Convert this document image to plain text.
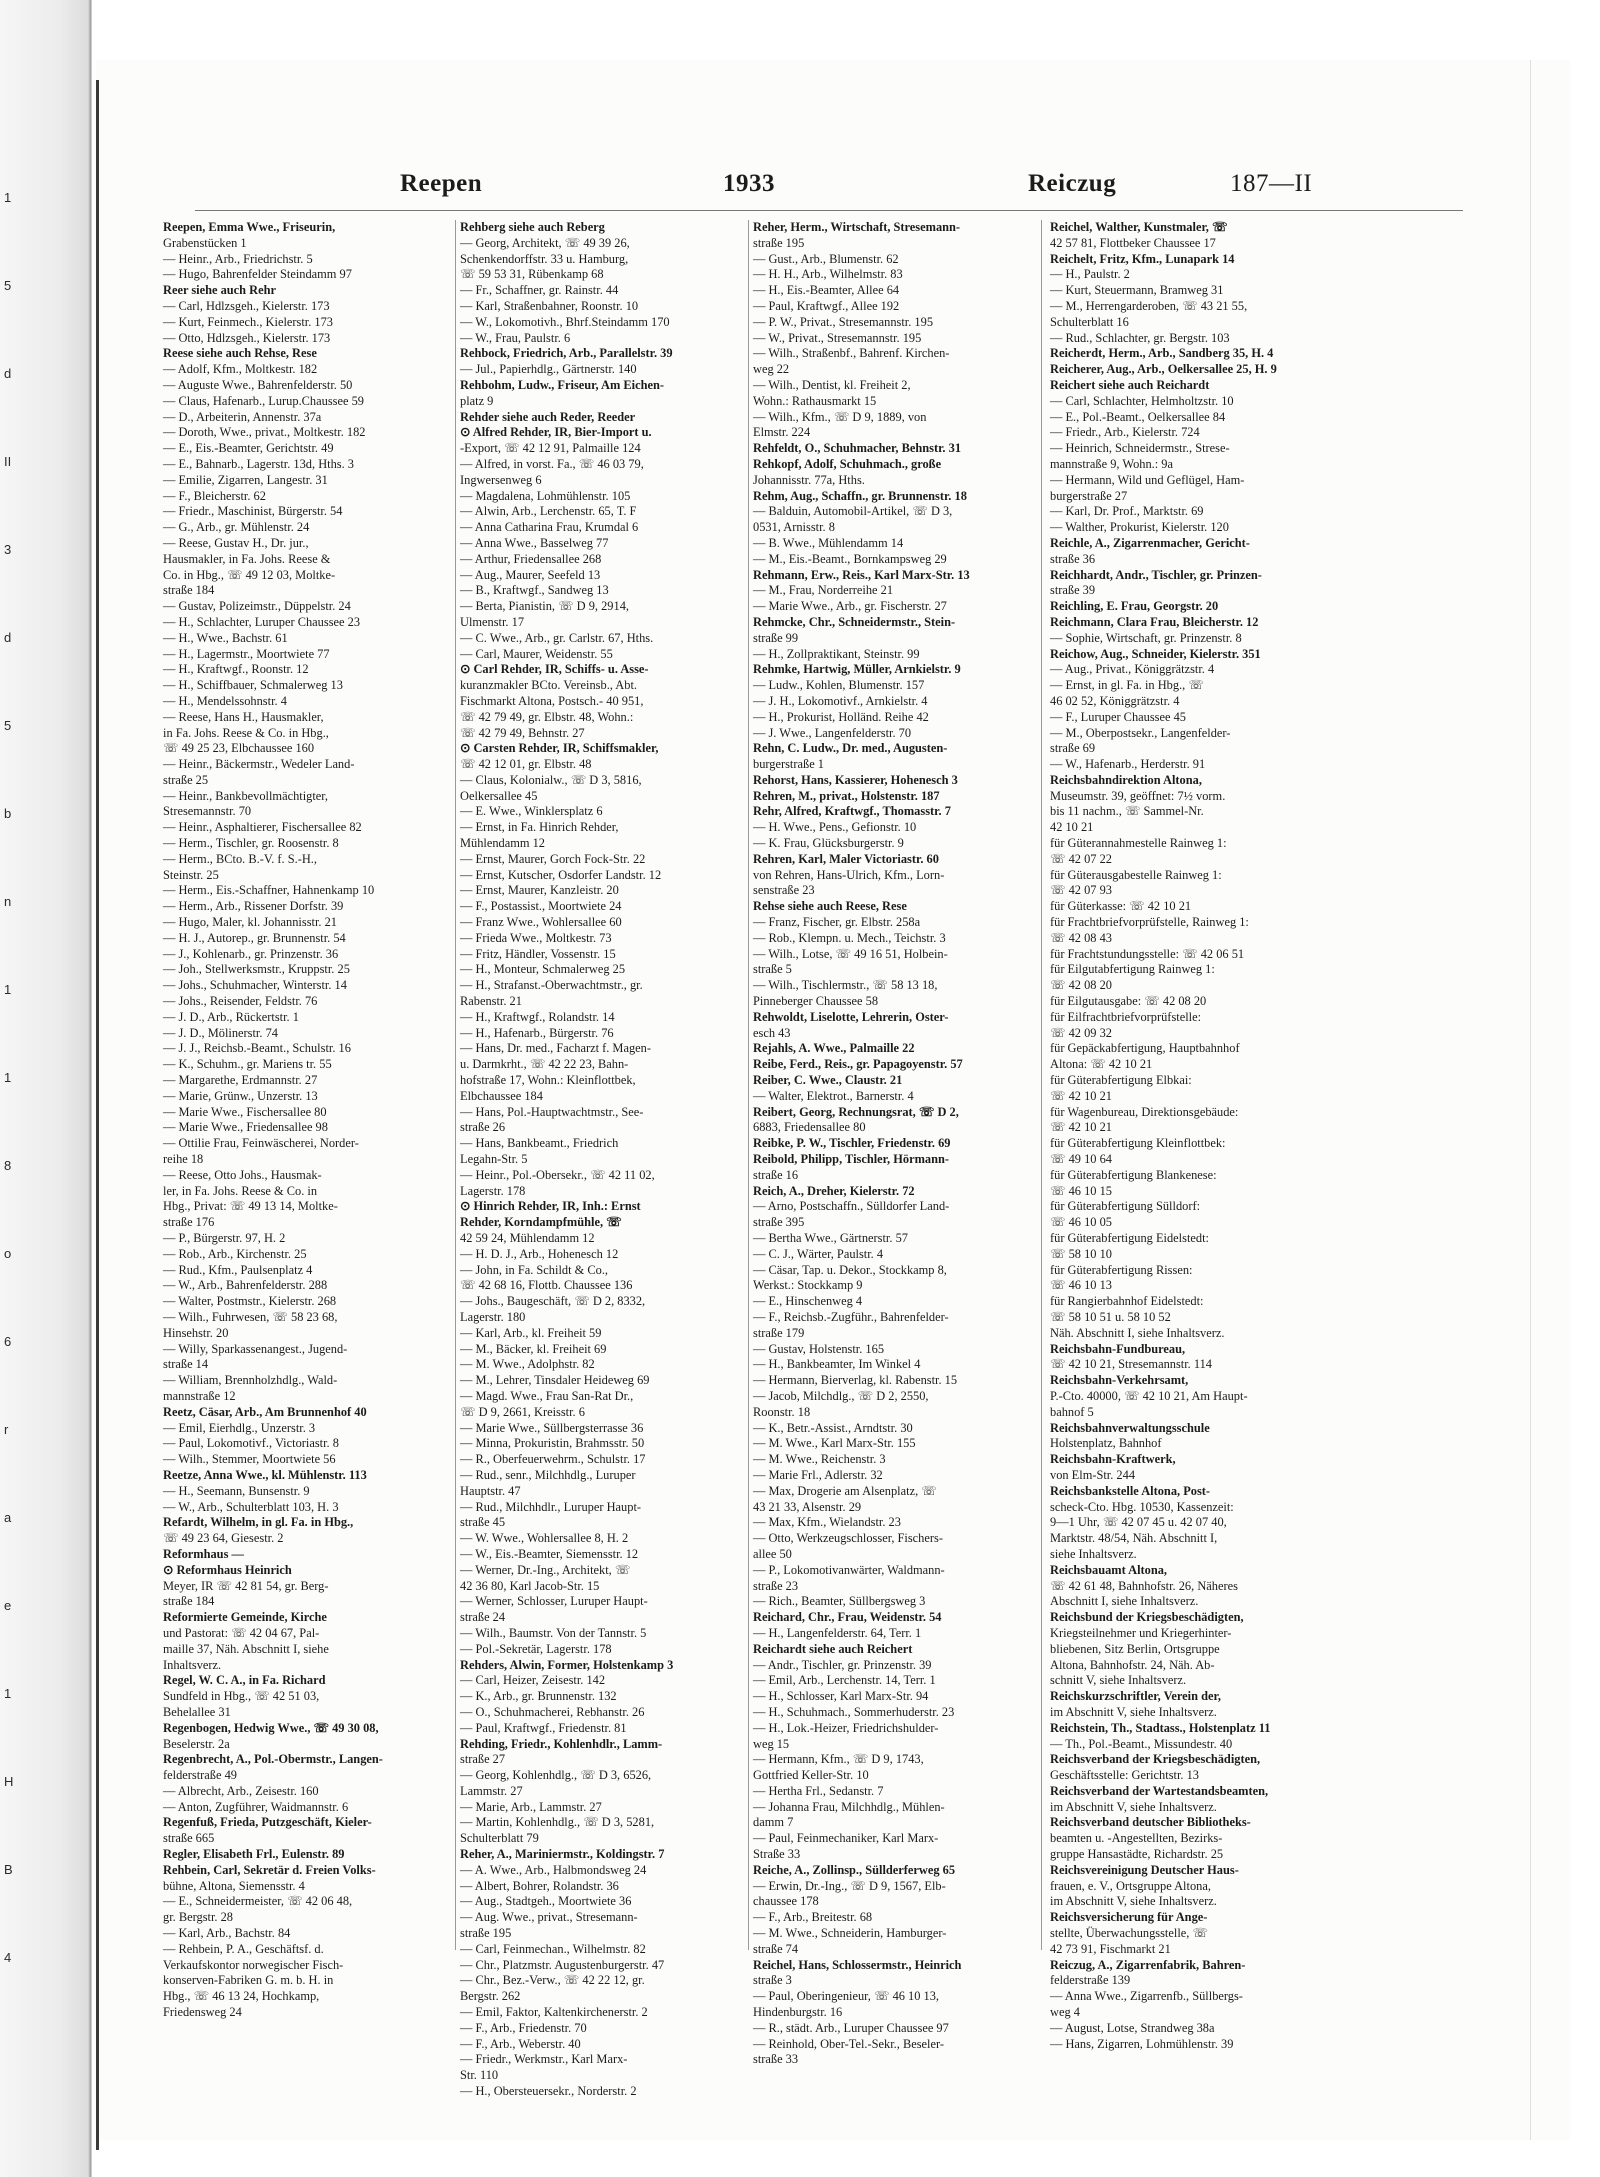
1
5
d
II
3
d
5
b
n
1
1
8
o
6
r
a
e
1
H
B
4
Reepen	1933	Reiczug	187—II
Reepen, Emma Wwe., Friseurin,
Grabenstücken 1
— Heinr., Arb., Friedrichstr. 5
— Hugo, Bahrenfelder Steindamm 97
Reer siehe auch Rehr
— Carl, Hdlzsgeh., Kielerstr. 173
— Kurt, Feinmech., Kielerstr. 173
— Otto, Hdlzsgeh., Kielerstr. 173
Reese siehe auch Rehse, Rese
— Adolf, Kfm., Moltkestr. 182
— Auguste Wwe., Bahrenfelderstr. 50
— Claus, Hafenarb., Lurup.Chaussee 59
— D., Arbeiterin, Annenstr. 37a
— Doroth, Wwe., privat., Moltkestr. 182
— E., Eis.-Beamter, Gerichtstr. 49
— E., Bahnarb., Lagerstr. 13d, Hths. 3
— Emilie, Zigarren, Langestr. 31
— F., Bleicherstr. 62
— Friedr., Maschinist, Bürgerstr. 54
— G., Arb., gr. Mühlenstr. 24
— Reese, Gustav H., Dr. jur.,
Hausmakler, in Fa. Johs. Reese &
Co. in Hbg., ☏ 49 12 03, Moltke-
straße 184
— Gustav, Polizeimstr., Düppelstr. 24
— H., Schlachter, Luruper Chaussee 23
— H., Wwe., Bachstr. 61
— H., Lagermstr., Moortwiete 77
— H., Kraftwgf., Roonstr. 12
— H., Schiffbauer, Schmalerweg 13
— H., Mendelssohnstr. 4
— Reese, Hans H., Hausmakler,
in Fa. Johs. Reese & Co. in Hbg.,
☏ 49 25 23, Elbchaussee 160
— Heinr., Bäckermstr., Wedeler Land-
straße 25
— Heinr., Bankbevollmächtigter,
Stresemannstr. 70
— Heinr., Asphaltierer, Fischersallee 82
— Herm., Tischler, gr. Roosenstr. 8
— Herm., BCto. B.-V. f. S.-H.,
Steinstr. 25
— Herm., Eis.-Schaffner, Hahnenkamp 10
— Herm., Arb., Rissener Dorfstr. 39
— Hugo, Maler, kl. Johannisstr. 21
— H. J., Autorep., gr. Brunnenstr. 54
— J., Kohlenarb., gr. Prinzenstr. 36
— Joh., Stellwerksmstr., Kruppstr. 25
— Johs., Schuhmacher, Winterstr. 14
— Johs., Reisender, Feldstr. 76
— J. D., Arb., Rückertstr. 1
— J. D., Mölinerstr. 74
— J. J., Reichsb.-Beamt., Schulstr. 16
— K., Schuhm., gr. Mariens tr. 55
— Margarethe, Erdmannstr. 27
— Marie, Grünw., Unzerstr. 13
— Marie Wwe., Fischersallee 80
— Marie Wwe., Friedensallee 98
— Ottilie Frau, Feinwäscherei, Norder-
reihe 18
— Reese, Otto Johs., Hausmak-
ler, in Fa. Johs. Reese & Co. in
Hbg., Privat: ☏ 49 13 14, Moltke-
straße 176
— P., Bürgerstr. 97, H. 2
— Rob., Arb., Kirchenstr. 25
— Rud., Kfm., Paulsenplatz 4
— W., Arb., Bahrenfelderstr. 288
— Walter, Postmstr., Kielerstr. 268
— Wilh., Fuhrwesen, ☏ 58 23 68,
Hinsehstr. 20
— Willy, Sparkassenangest., Jugend-
straße 14
— William, Brennholzhdlg., Wald-
mannstraße 12
Reetz, Cäsar, Arb., Am Brunnenhof 40
— Emil, Eierhdlg., Unzerstr. 3
— Paul, Lokomotivf., Victoriastr. 8
— Wilh., Stemmer, Moortwiete 56
Reetze, Anna Wwe., kl. Mühlenstr. 113
— H., Seemann, Bunsenstr. 9
— W., Arb., Schulterblatt 103, H. 3
Refardt, Wilhelm, in gl. Fa. in Hbg.,
☏ 49 23 64, Giesestr. 2
Reformhaus —
⊙ Reformhaus Heinrich
Meyer, IR ☏ 42 81 54, gr. Berg-
straße 184
Reformierte Gemeinde, Kirche
und Pastorat: ☏ 42 04 67, Pal-
maille 37, Näh. Abschnitt I, siehe
Inhaltsverz.
Regel, W. C. A., in Fa. Richard
Sundfeld in Hbg., ☏ 42 51 03,
Behelallee 31
Regenbogen, Hedwig Wwe., ☏ 49 30 08,
Beselerstr. 2a
Regenbrecht, A., Pol.-Obermstr., Langen-
felderstraße 49
— Albrecht, Arb., Zeisestr. 160
— Anton, Zugführer, Waidmannstr. 6
Regenfuß, Frieda, Putzgeschäft, Kieler-
straße 665
Regler, Elisabeth Frl., Eulenstr. 89
Rehbein, Carl, Sekretär d. Freien Volks-
bühne, Altona, Siemensstr. 4
— E., Schneidermeister, ☏ 42 06 48,
gr. Bergstr. 28
— Karl, Arb., Bachstr. 84
— Rehbein, P. A., Geschäftsf. d.
Verkaufskontor norwegischer Fisch-
konserven-Fabriken G. m. b. H. in
Hbg., ☏ 46 13 24, Hochkamp,
Friedensweg 24
Rehberg siehe auch Reberg
— Georg, Architekt, ☏ 49 39 26,
Schenkendorffstr. 33 u. Hamburg,
☏ 59 53 31, Rübenkamp 68
— Fr., Schaffner, gr. Rainstr. 44
— Karl, Straßenbahner, Roonstr. 10
— W., Lokomotivh., Bhrf.Steindamm 170
— W., Frau, Paulstr. 6
Rehbock, Friedrich, Arb., Parallelstr. 39
— Jul., Papierhdlg., Gärtnerstr. 140
Rehbohm, Ludw., Friseur, Am Eichen-
platz 9
Rehder siehe auch Reder, Reeder
⊙ Alfred Rehder, IR, Bier-Import u.
-Export, ☏ 42 12 91, Palmaille 124
— Alfred, in vorst. Fa., ☏ 46 03 79,
Ingwersenweg 6
— Magdalena, Lohmühlenstr. 105
— Alwin, Arb., Lerchenstr. 65, T. F
— Anna Catharina Frau, Krumdal 6
— Anna Wwe., Basselweg 77
— Arthur, Friedensallee 268
— Aug., Maurer, Seefeld 13
— B., Kraftwgf., Sandweg 13
— Berta, Pianistin, ☏ D 9, 2914,
Ulmenstr. 17
— C. Wwe., Arb., gr. Carlstr. 67, Hths.
— Carl, Maurer, Weidenstr. 55
⊙ Carl Rehder, IR, Schiffs- u. Asse-
kuranzmakler BCto. Vereinsb., Abt.
Fischmarkt Altona, Postsch.- 40 951,
☏ 42 79 49, gr. Elbstr. 48, Wohn.:
☏ 42 79 49, Behnstr. 27
⊙ Carsten Rehder, IR, Schiffsmakler,
☏ 42 12 01, gr. Elbstr. 48
— Claus, Kolonialw., ☏ D 3, 5816,
Oelkersallee 45
— E. Wwe., Winklersplatz 6
— Ernst, in Fa. Hinrich Rehder,
Mühlendamm 12
— Ernst, Maurer, Gorch Fock-Str. 22
— Ernst, Kutscher, Osdorfer Landstr. 12
— Ernst, Maurer, Kanzleistr. 20
— F., Postassist., Moortwiete 24
— Franz Wwe., Wohlersallee 60
— Frieda Wwe., Moltkestr. 73
— Fritz, Händler, Vossenstr. 15
— H., Monteur, Schmalerweg 25
— H., Strafanst.-Oberwachtmstr., gr.
Rabenstr. 21
— H., Kraftwgf., Rolandstr. 14
— H., Hafenarb., Bürgerstr. 76
— Hans, Dr. med., Facharzt f. Magen-
u. Darmkrht., ☏ 42 22 23, Bahn-
hofstraße 17, Wohn.: Kleinflottbek,
Elbchaussee 184
— Hans, Pol.-Hauptwachtmstr., See-
straße 26
— Hans, Bankbeamt., Friedrich
Legahn-Str. 5
— Heinr., Pol.-Obersekr., ☏ 42 11 02,
Lagerstr. 178
⊙ Hinrich Rehder, IR, Inh.: Ernst
Rehder, Korndampfmühle, ☏
42 59 24, Mühlendamm 12
— H. D. J., Arb., Hohenesch 12
— John, in Fa. Schildt & Co.,
☏ 42 68 16, Flottb. Chaussee 136
— Johs., Baugeschäft, ☏ D 2, 8332,
Lagerstr. 180
— Karl, Arb., kl. Freiheit 59
— M., Bäcker, kl. Freiheit 69
— M. Wwe., Adolphstr. 82
— M., Lehrer, Tinsdaler Heideweg 69
— Magd. Wwe., Frau San-Rat Dr.,
☏ D 9, 2661, Kreisstr. 6
— Marie Wwe., Süllbergsterrasse 36
— Minna, Prokuristin, Brahmsstr. 50
— R., Oberfeuerwehrm., Schulstr. 17
— Rud., senr., Milchhdlg., Luruper
Hauptstr. 47
— Rud., Milchhdlr., Luruper Haupt-
straße 45
— W. Wwe., Wohlersallee 8, H. 2
— W., Eis.-Beamter, Siemensstr. 12
— Werner, Dr.-Ing., Architekt, ☏
42 36 80, Karl Jacob-Str. 15
— Werner, Schlosser, Luruper Haupt-
straße 24
— Wilh., Baumstr. Von der Tannstr. 5
— Pol.-Sekretär, Lagerstr. 178
Rehders, Alwin, Former, Holstenkamp 3
— Carl, Heizer, Zeisestr. 142
— K., Arb., gr. Brunnenstr. 132
— O., Schuhmacherei, Rebhanstr. 26
— Paul, Kraftwgf., Friedenstr. 81
Rehding, Friedr., Kohlenhdlr., Lamm-
straße 27
— Georg, Kohlenhdlg., ☏ D 3, 6526,
Lammstr. 27
— Marie, Arb., Lammstr. 27
— Martin, Kohlenhdlg., ☏ D 3, 5281,
Schulterblatt 79
Reher, A., Mariniermstr., Koldingstr. 7
— A. Wwe., Arb., Halbmondsweg 24
— Albert, Bohrer, Rolandstr. 36
— Aug., Stadtgeh., Moortwiete 36
— Aug. Wwe., privat., Stresemann-
straße 195
— Carl, Feinmechan., Wilhelmstr. 82
— Chr., Platzmstr. Augustenburgerstr. 47
— Chr., Bez.-Verw., ☏ 42 22 12, gr.
Bergstr. 262
— Emil, Faktor, Kaltenkirchenerstr. 2
— F., Arb., Friedenstr. 70
— F., Arb., Weberstr. 40
— Friedr., Werkmstr., Karl Marx-
Str. 110
— H., Obersteuersekr., Norderstr. 2
Reher, Herm., Wirtschaft, Stresemann-
straße 195
— Gust., Arb., Blumenstr. 62
— H. H., Arb., Wilhelmstr. 83
— H., Eis.-Beamter, Allee 64
— Paul, Kraftwgf., Allee 192
— P. W., Privat., Stresemannstr. 195
— W., Privat., Stresemannstr. 195
— Wilh., Straßenbf., Bahrenf. Kirchen-
weg 22
— Wilh., Dentist, kl. Freiheit 2,
Wohn.: Rathausmarkt 15
— Wilh., Kfm., ☏ D 9, 1889, von
Elmstr. 224
Rehfeldt, O., Schuhmacher, Behnstr. 31
Rehkopf, Adolf, Schuhmach., große
Johannisstr. 77a, Hths.
Rehm, Aug., Schaffn., gr. Brunnenstr. 18
— Balduin, Automobil-Artikel, ☏ D 3,
0531, Arnisstr. 8
— B. Wwe., Mühlendamm 14
— M., Eis.-Beamt., Bornkampsweg 29
Rehmann, Erw., Reis., Karl Marx-Str. 13
— M., Frau, Norderreihe 21
— Marie Wwe., Arb., gr. Fischerstr. 27
Rehmcke, Chr., Schneidermstr., Stein-
straße 99
— H., Zollpraktikant, Steinstr. 99
Rehmke, Hartwig, Müller, Arnkielstr. 9
— Ludw., Kohlen, Blumenstr. 157
— J. H., Lokomotivf., Arnkielstr. 4
— H., Prokurist, Holländ. Reihe 42
— J. Wwe., Langenfelderstr. 70
Rehn, C. Ludw., Dr. med., Augusten-
burgerstraße 1
Rehorst, Hans, Kassierer, Hohenesch 3
Rehren, M., privat., Holstenstr. 187
Rehr, Alfred, Kraftwgf., Thomasstr. 7
— H. Wwe., Pens., Gefionstr. 10
— K. Frau, Glücksburgerstr. 9
Rehren, Karl, Maler Victoriastr. 60
von Rehren, Hans-Ulrich, Kfm., Lorn-
senstraße 23
Rehse siehe auch Reese, Rese
— Franz, Fischer, gr. Elbstr. 258a
— Rob., Klempn. u. Mech., Teichstr. 3
— Wilh., Lotse, ☏ 49 16 51, Holbein-
straße 5
— Wilh., Tischlermstr., ☏ 58 13 18,
Pinneberger Chaussee 58
Rehwoldt, Liselotte, Lehrerin, Oster-
esch 43
Rejahls, A. Wwe., Palmaille 22
Reibe, Ferd., Reis., gr. Papagoyenstr. 57
Reiber, C. Wwe., Claustr. 21
— Walter, Elektrot., Barnerstr. 4
Reibert, Georg, Rechnungsrat, ☏ D 2,
6883, Friedensallee 80
Reibke, P. W., Tischler, Friedenstr. 69
Reibold, Philipp, Tischler, Hörmann-
straße 16
Reich, A., Dreher, Kielerstr. 72
— Arno, Postschaffn., Sülldorfer Land-
straße 395
— Bertha Wwe., Gärtnerstr. 57
— C. J., Wärter, Paulstr. 4
— Cäsar, Tap. u. Dekor., Stockkamp 8,
Werkst.: Stockkamp 9
— E., Hinschenweg 4
— F., Reichsb.-Zugführ., Bahrenfelder-
straße 179
— Gustav, Holstenstr. 165
— H., Bankbeamter, Im Winkel 4
— Hermann, Bierverlag, kl. Rabenstr. 15
— Jacob, Milchdlg., ☏ D 2, 2550,
Roonstr. 18
— K., Betr.-Assist., Arndtstr. 30
— M. Wwe., Karl Marx-Str. 155
— M. Wwe., Reichenstr. 3
— Marie Frl., Adlerstr. 32
— Max, Drogerie am Alsenplatz, ☏
43 21 33, Alsenstr. 29
— Max, Kfm., Wielandstr. 23
— Otto, Werkzeugschlosser, Fischers-
allee 50
— P., Lokomotivanwärter, Waldmann-
straße 23
— Rich., Beamter, Süllbergsweg 3
Reichard, Chr., Frau, Weidenstr. 54
— H., Langenfelderstr. 64, Terr. 1
Reichardt siehe auch Reichert
— Andr., Tischler, gr. Prinzenstr. 39
— Emil, Arb., Lerchenstr. 14, Terr. 1
— H., Schlosser, Karl Marx-Str. 94
— H., Schuhmach., Sommerhuderstr. 23
— H., Lok.-Heizer, Friedrichshulder-
weg 15
— Hermann, Kfm., ☏ D 9, 1743,
Gottfried Keller-Str. 10
— Hertha Frl., Sedanstr. 7
— Johanna Frau, Milchhdlg., Mühlen-
damm 7
— Paul, Feinmechaniker, Karl Marx-
Straße 33
Reiche, A., Zollinsp., Süllderferweg 65
— Erwin, Dr.-Ing., ☏ D 9, 1567, Elb-
chaussee 178
— F., Arb., Breitestr. 68
— M. Wwe., Schneiderin, Hamburger-
straße 74
Reichel, Hans, Schlossermstr., Heinrich
straße 3
— Paul, Oberingenieur, ☏ 46 10 13,
Hindenburgstr. 16
— R., städt. Arb., Luruper Chaussee 97
— Reinhold, Ober-Tel.-Sekr., Beseler-
straße 33
Reichel, Walther, Kunstmaler, ☏
42 57 81, Flottbeker Chaussee 17
Reichelt, Fritz, Kfm., Lunapark 14
— H., Paulstr. 2
— Kurt, Steuermann, Bramweg 31
— M., Herrengarderoben, ☏ 43 21 55,
Schulterblatt 16
— Rud., Schlachter, gr. Bergstr. 103
Reicherdt, Herm., Arb., Sandberg 35, H. 4
Reicherer, Aug., Arb., Oelkersallee 25, H. 9
Reichert siehe auch Reichardt
— Carl, Schlachter, Helmholtzstr. 10
— E., Pol.-Beamt., Oelkersallee 84
— Friedr., Arb., Kielerstr. 724
— Heinrich, Schneidermstr., Strese-
mannstraße 9, Wohn.: 9a
— Hermann, Wild und Geflügel, Ham-
burgerstraße 27
— Karl, Dr. Prof., Marktstr. 69
— Walther, Prokurist, Kielerstr. 120
Reichle, A., Zigarrenmacher, Gericht-
straße 36
Reichhardt, Andr., Tischler, gr. Prinzen-
straße 39
Reichling, E. Frau, Georgstr. 20
Reichmann, Clara Frau, Bleicherstr. 12
— Sophie, Wirtschaft, gr. Prinzenstr. 8
Reichow, Aug., Schneider, Kielerstr. 351
— Aug., Privat., Königgrätzstr. 4
— Ernst, in gl. Fa. in Hbg., ☏
46 02 52, Königgrätzstr. 4
— F., Luruper Chaussee 45
— M., Oberpostsekr., Langenfelder-
straße 69
— W., Hafenarb., Herderstr. 91
Reichsbahndirektion Altona,
Museumstr. 39, geöffnet: 7½ vorm.
bis 11 nachm., ☏ Sammel-Nr.
42 10 21
für Güterannahmestelle Rainweg 1:
☏ 42 07 22
für Güterausgabestelle Rainweg 1:
☏ 42 07 93
für Güterkasse: ☏ 42 10 21
für Frachtbriefvorprüfstelle, Rainweg 1:
☏ 42 08 43
für Frachtstundungsstelle: ☏ 42 06 51
für Eilgutabfertigung Rainweg 1:
☏ 42 08 20
für Eilgutausgabe: ☏ 42 08 20
für Eilfrachtbriefvorprüfstelle:
☏ 42 09 32
für Gepäckabfertigung, Hauptbahnhof
Altona: ☏ 42 10 21
für Güterabfertigung Elbkai:
☏ 42 10 21
für Wagenbureau, Direktionsgebäude:
☏ 42 10 21
für Güterabfertigung Kleinflottbek:
☏ 49 10 64
für Güterabfertigung Blankenese:
☏ 46 10 15
für Güterabfertigung Sülldorf:
☏ 46 10 05
für Güterabfertigung Eidelstedt:
☏ 58 10 10
für Güterabfertigung Rissen:
☏ 46 10 13
für Rangierbahnhof Eidelstedt:
☏ 58 10 51 u. 58 10 52
Näh. Abschnitt I, siehe Inhaltsverz.
Reichsbahn-Fundbureau,
☏ 42 10 21, Stresemannstr. 114
Reichsbahn-Verkehrsamt,
P.-Cto. 40000, ☏ 42 10 21, Am Haupt-
bahnof 5
Reichsbahnverwaltungsschule
Holstenplatz, Bahnhof
Reichsbahn-Kraftwerk,
von Elm-Str. 244
Reichsbankstelle Altona, Post-
scheck-Cto. Hbg. 10530, Kassenzeit:
9—1 Uhr, ☏ 42 07 45 u. 42 07 40,
Marktstr. 48/54, Näh. Abschnitt I,
siehe Inhaltsverz.
Reichsbauamt Altona,
☏ 42 61 48, Bahnhofstr. 26, Näheres
Abschnitt I, siehe Inhaltsverz.
Reichsbund der Kriegsbeschädigten,
Kriegsteilnehmer und Kriegerhinter-
bliebenen, Sitz Berlin, Ortsgruppe
Altona, Bahnhofstr. 24, Näh. Ab-
schnitt V, siehe Inhaltsverz.
Reichskurzschriftler, Verein der,
im Abschnitt V, siehe Inhaltsverz.
Reichstein, Th., Stadtass., Holstenplatz 11
— Th., Pol.-Beamt., Missundestr. 40
Reichsverband der Kriegsbeschädigten,
Geschäftsstelle: Gerichtstr. 13
Reichsverband der Wartestandsbeamten,
im Abschnitt V, siehe Inhaltsverz.
Reichsverband deutscher Bibliotheks-
beamten u. -Angestellten, Bezirks-
gruppe Hansastädte, Richardstr. 25
Reichsvereinigung Deutscher Haus-
frauen, e. V., Ortsgruppe Altona,
im Abschnitt V, siehe Inhaltsverz.
Reichsversicherung für Ange-
stellte, Überwachungsstelle, ☏
42 73 91, Fischmarkt 21
Reiczug, A., Zigarrenfabrik, Bahren-
felderstraße 139
— Anna Wwe., Zigarrenfb., Süllbergs-
weg 4
— August, Lotse, Strandweg 38a
— Hans, Zigarren, Lohmühlenstr. 39
